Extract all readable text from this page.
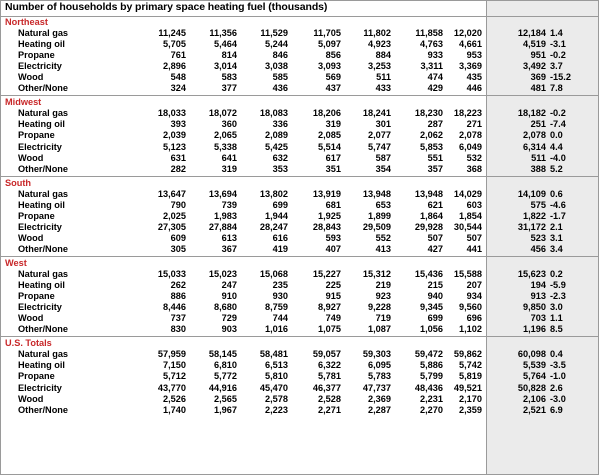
Number of households by primary space heating fuel (thousands)
Northeast
Natural gas	11,245	11,356	11,529	11,705	11,802	11,858	12,020	12,184 1.4
Heating oil	5,705	5,464	5,244	5,097	4,923	4,763	4,661	4,519 -3.1
Propane	761	814	846	856	884	933	953	951 -0.2
Electricity	2,896	3,014	3,038	3,093	3,253	3,311	3,369	3,492 3.7
Wood	548	583	585	569	511	474	435	369 -15.2
Other/None	324	377	436	437	433	429	446	481 7.8
Midwest
Natural gas	18,033	18,072	18,083	18,206	18,241	18,230	18,223	18,182 -0.2
Heating oil	393	360	336	319	301	287	271	251 -7.4
Propane	2,039	2,065	2,089	2,085	2,077	2,062	2,078	2,078 0.0
Electricity	5,123	5,338	5,425	5,514	5,747	5,853	6,049	6,314 4.4
Wood	631	641	632	617	587	551	532	511 -4.0
Other/None	282	319	353	351	354	357	368	388 5.2
South
Natural gas	13,647	13,694	13,802	13,919	13,948	13,948	14,029	14,109 0.6
Heating oil	790	739	699	681	653	621	603	575 -4.6
Propane	2,025	1,983	1,944	1,925	1,899	1,864	1,854	1,822 -1.7
Electricity	27,305	27,884	28,247	28,843	29,509	29,928	30,544	31,172 2.1
Wood	609	613	616	593	552	507	507	523 3.1
Other/None	305	367	419	407	413	427	441	456 3.4
West
Natural gas	15,033	15,023	15,068	15,227	15,312	15,436	15,588	15,623 0.2
Heating oil	262	247	235	225	219	215	207	194 -5.9
Propane	886	910	930	915	923	940	934	913 -2.3
Electricity	8,446	8,680	8,759	8,927	9,228	9,345	9,560	9,850 3.0
Wood	737	729	744	749	719	699	696	703 1.1
Other/None	830	903	1,016	1,075	1,087	1,056	1,102	1,196 8.5
U.S. Totals
Natural gas	57,959	58,145	58,481	59,057	59,303	59,472	59,862	60,098 0.4
Heating oil	7,150	6,810	6,513	6,322	6,095	5,886	5,742	5,539 -3.5
Propane	5,712	5,772	5,810	5,781	5,783	5,799	5,819	5,764 -1.0
Electricity	43,770	44,916	45,470	46,377	47,737	48,436	49,521	50,828 2.6
Wood	2,526	2,565	2,578	2,528	2,369	2,231	2,170	2,106 -3.0
Other/None	1,740	1,967	2,223	2,271	2,287	2,270	2,359	2,521 6.9
